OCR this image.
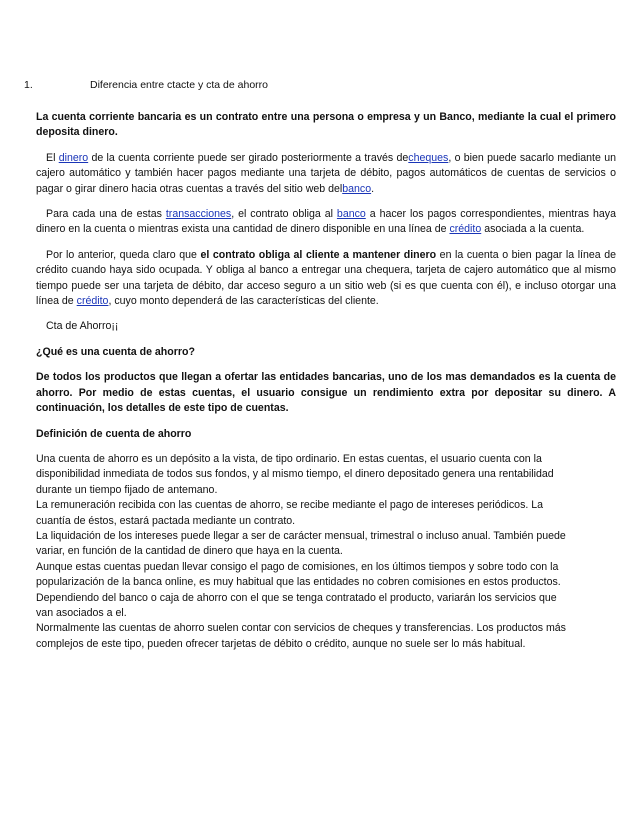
1.	Diferencia entre ctacte y cta de ahorro

La cuenta corriente bancaria es un contrato entre una persona o empresa y un Banco, mediante la cual el primero deposita dinero.

El dinero de la cuenta corriente puede ser girado posteriormente a través decheques, o bien puede sacarlo mediante un cajero automático y también hacer pagos mediante una tarjeta de débito, pagos automáticos de cuentas de servicios o pagar o girar dinero hacia otras cuentas a través del sitio web delbanco.

Para cada una de estas transacciones, el contrato obliga al banco a hacer los pagos correspondientes, mientras haya dinero en la cuenta o mientras exista una cantidad de dinero disponible en una línea de crédito asociada a la cuenta.

Por lo anterior, queda claro que el contrato obliga al cliente a mantener dinero en la cuenta o bien pagar la línea de crédito cuando haya sido ocupada. Y obliga al banco a entregar una chequera, tarjeta de cajero automático que al mismo tiempo puede ser una tarjeta de débito, dar acceso seguro a un sitio web (si es que cuenta con él), e incluso otorgar una línea de crédito, cuyo monto dependerá de las características del cliente.

Cta de Ahorro¡¡

¿Qué es una cuenta de ahorro?

De todos los productos que llegan a ofertar las entidades bancarias, uno de los mas demandados es la cuenta de ahorro. Por medio de estas cuentas, el usuario consigue un rendimiento extra por depositar su dinero. A continuación, los detalles de este tipo de cuentas.

Definición de cuenta de ahorro

Una cuenta de ahorro es un depósito a la vista, de tipo ordinario. En estas cuentas, el usuario cuenta con la
disponibilidad inmediata de todos sus fondos, y al mismo tiempo, el dinero depositado genera una rentabilidad
durante un tiempo fijado de antemano.
La remuneración recibida con las cuentas de ahorro, se recibe mediante el pago de intereses periódicos. La
cuantía de éstos, estará pactada mediante un contrato.
La liquidación de los intereses puede llegar a ser de carácter mensual, trimestral o incluso anual. También puede
variar, en función de la cantidad de dinero que haya en la cuenta.
Aunque estas cuentas puedan llevar consigo el pago de comisiones, en los últimos tiempos y sobre todo con la
popularización de la banca online, es muy habitual que las entidades no cobren comisiones en estos productos.
Dependiendo del banco o caja de ahorro con el que se tenga contratado el producto, variarán los servicios que
van asociados a el.
Normalmente las cuentas de ahorro suelen contar con servicios de cheques y transferencias. Los productos más
complejos de este tipo, pueden ofrecer tarjetas de débito o crédito, aunque no suele ser lo más habitual.
